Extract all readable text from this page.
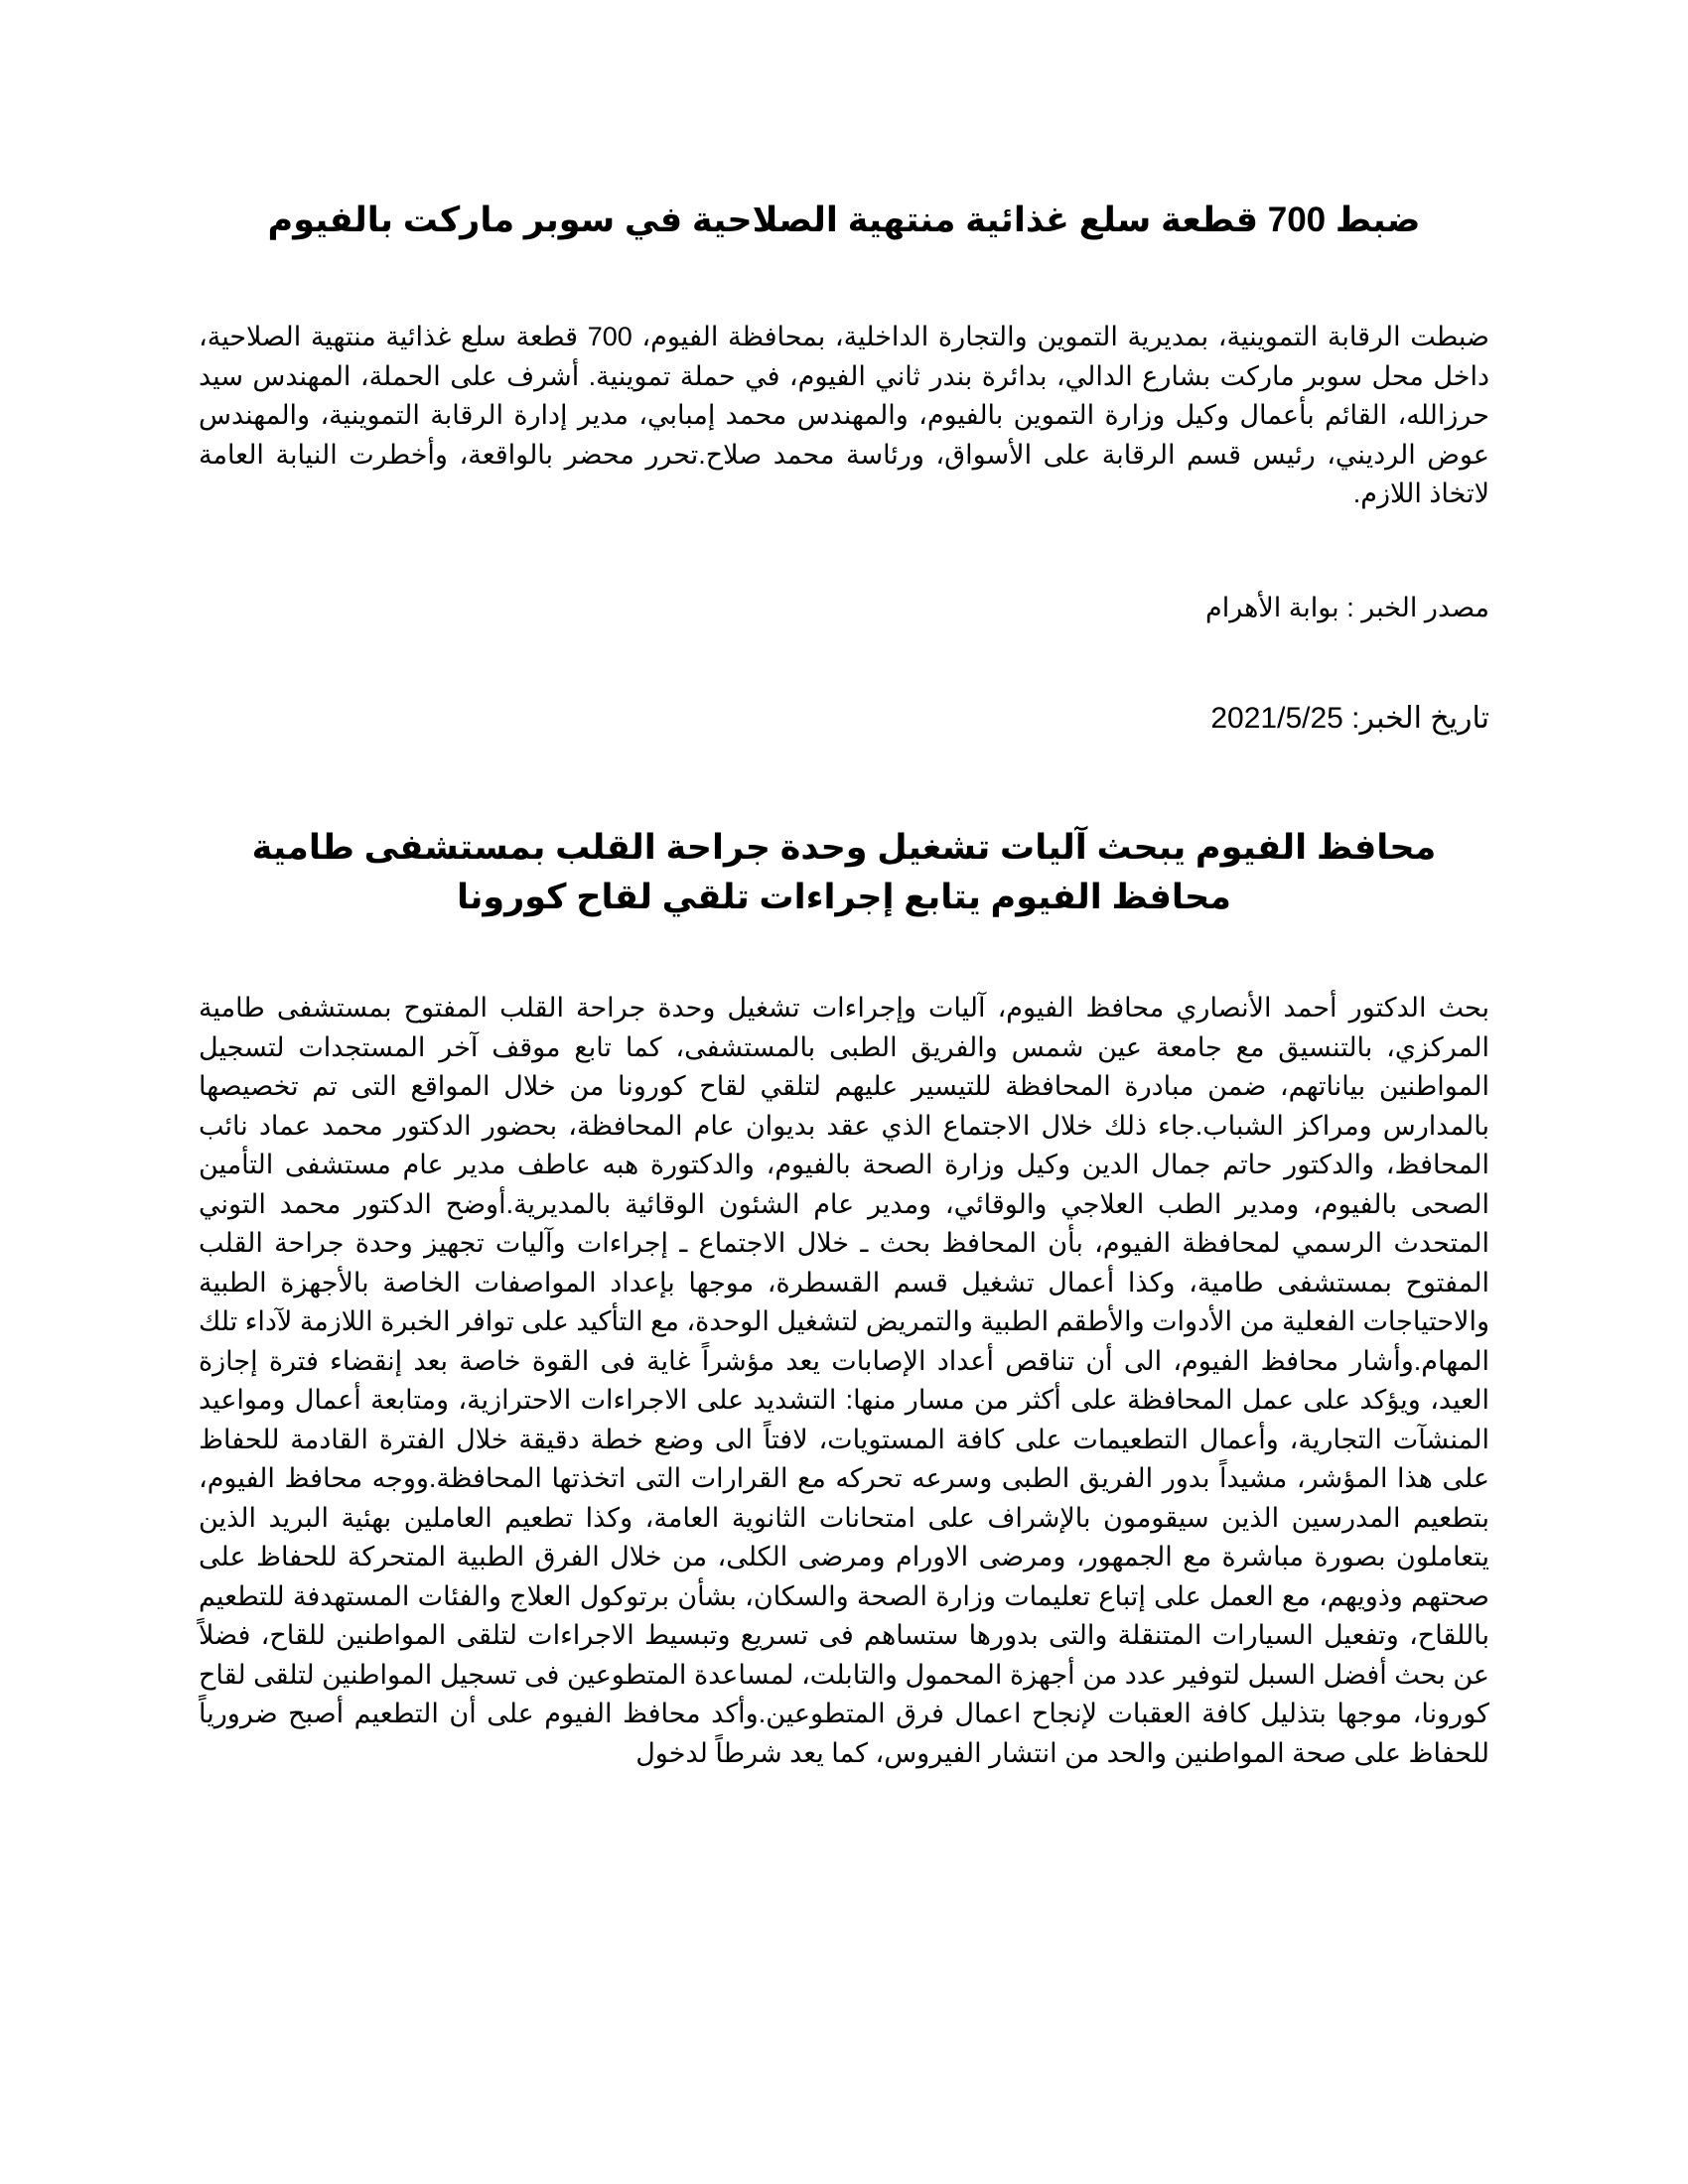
ضبط 700 قطعة سلع غذائية منتهية الصلاحية في سوبر ماركت بالفيوم

ضبطت الرقابة التموينية، بمديرية التموين والتجارة الداخلية، بمحافظة الفيوم، 700 قطعة سلع غذائية منتهية الصلاحية، داخل محل سوبر ماركت بشارع الدالي، بدائرة بندر ثاني الفيوم، في حملة تموينية. أشرف على الحملة، المهندس سيد حرزالله، القائم بأعمال وكيل وزارة التموين بالفيوم، والمهندس محمد إمبابي، مدير إدارة الرقابة التموينية، والمهندس عوض الرديني، رئيس قسم الرقابة على الأسواق، ورئاسة محمد صلاح.تحرر محضر بالواقعة، وأخطرت النيابة العامة لاتخاذ اللازم.

مصدر الخبر : بوابة الأهرام

تاريخ الخبر: 2021/5/25

محافظ الفيوم يبحث آليات تشغيل وحدة جراحة القلب بمستشفى طامية
محافظ الفيوم يتابع إجراءات تلقي لقاح كورونا

بحث الدكتور أحمد الأنصاري محافظ الفيوم، آليات وإجراءات تشغيل وحدة جراحة القلب المفتوح بمستشفى طامية المركزي، بالتنسيق مع جامعة عين شمس والفريق الطبى بالمستشفى، كما تابع موقف آخر المستجدات لتسجيل المواطنين بياناتهم، ضمن مبادرة المحافظة للتيسير عليهم لتلقي لقاح كورونا من خلال المواقع التى تم تخصيصها بالمدارس ومراكز الشباب.جاء ذلك خلال الاجتماع الذي عقد بديوان عام المحافظة، بحضور الدكتور محمد عماد نائب المحافظ، والدكتور حاتم جمال الدين وكيل وزارة الصحة بالفيوم، والدكتورة هبه عاطف مدير عام مستشفى التأمين الصحى بالفيوم، ومدير الطب العلاجي والوقائي، ومدير عام الشئون الوقائية بالمديرية.أوضح الدكتور محمد التوني المتحدث الرسمي لمحافظة الفيوم، بأن المحافظ بحث ـ خلال الاجتماع ـ إجراءات وآليات تجهيز وحدة جراحة القلب المفتوح بمستشفى طامية، وكذا أعمال تشغيل قسم القسطرة، موجها بإعداد المواصفات الخاصة بالأجهزة الطبية والاحتياجات الفعلية من الأدوات والأطقم الطبية والتمريض لتشغيل الوحدة، مع التأكيد على توافر الخبرة اللازمة لآداء تلك المهام.وأشار محافظ الفيوم، الى أن تناقص أعداد الإصابات يعد مؤشراً غاية فى القوة خاصة بعد إنقضاء فترة إجازة العيد، ويؤكد على عمل المحافظة على أكثر من مسار منها: التشديد على الاجراءات الاحترازية، ومتابعة أعمال ومواعيد المنشآت التجارية، وأعمال التطعيمات على كافة المستويات، لافتاً الى وضع خطة دقيقة خلال الفترة القادمة للحفاظ على هذا المؤشر، مشيداً بدور الفريق الطبى وسرعه تحركه مع القرارات التى اتخذتها المحافظة.ووجه محافظ الفيوم، بتطعيم المدرسين الذين سيقومون بالإشراف على امتحانات الثانوية العامة، وكذا تطعيم العاملين بهئية البريد الذين يتعاملون بصورة مباشرة مع الجمهور، ومرضى الاورام ومرضى الكلى، من خلال الفرق الطبية المتحركة للحفاظ على صحتهم وذويهم، مع العمل على إتباع تعليمات وزارة الصحة والسكان، بشأن برتوكول العلاج والفئات المستهدفة للتطعيم باللقاح، وتفعيل السيارات المتنقلة والتى بدورها ستساهم فى تسريع وتبسيط الاجراءات لتلقى المواطنين للقاح، فضلاً عن بحث أفضل السبل لتوفير عدد من أجهزة المحمول والتابلت، لمساعدة المتطوعين فى تسجيل المواطنين لتلقى لقاح كورونا، موجها بتذليل كافة العقبات لإنجاح اعمال فرق المتطوعين.وأكد محافظ الفيوم على أن التطعيم أصبح ضرورياً للحفاظ على صحة المواطنين والحد من انتشار الفيروس، كما يعد شرطاً لدخول
